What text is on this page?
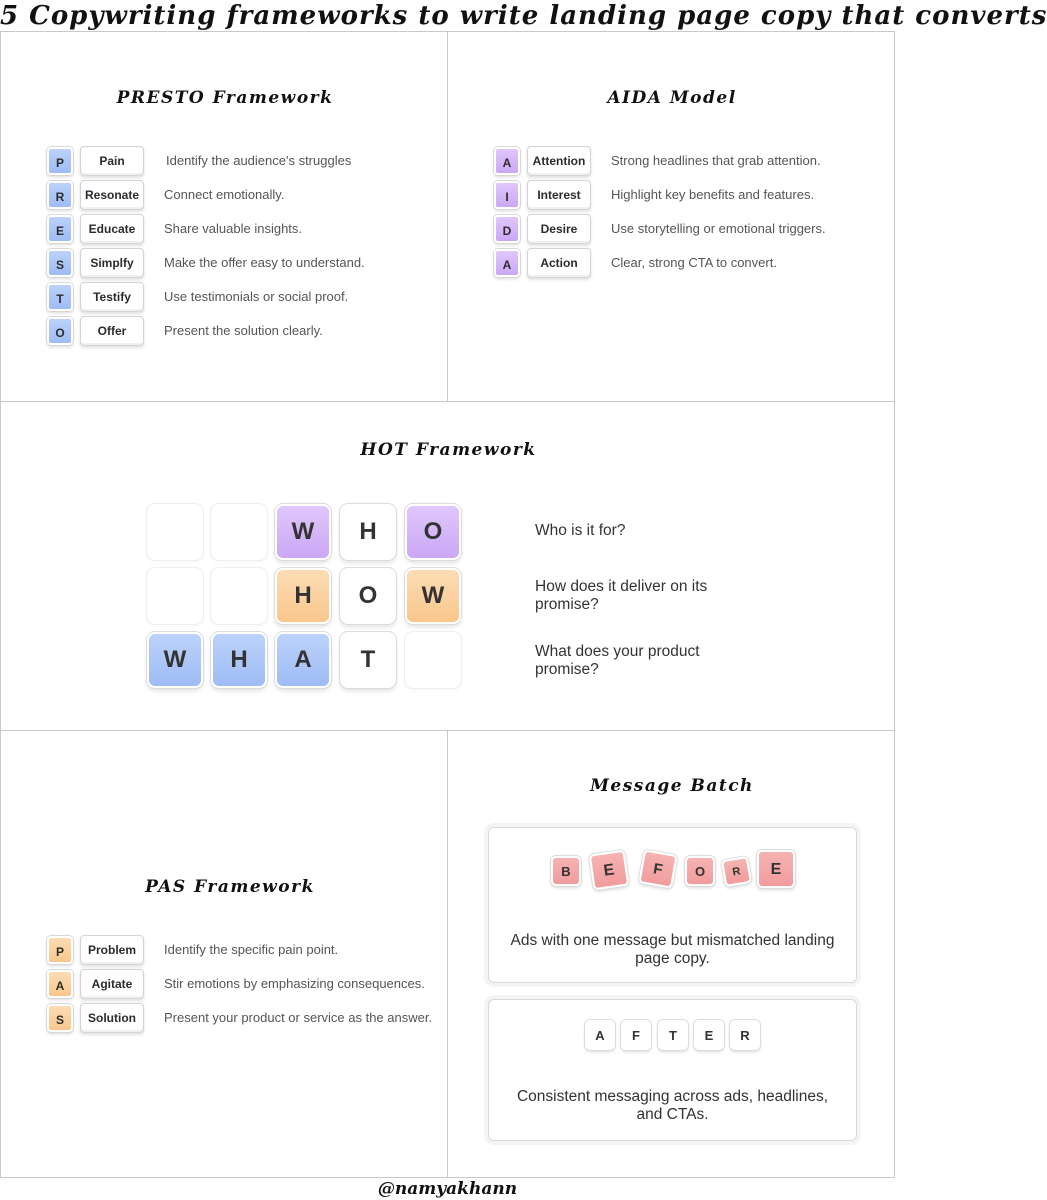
5 Copywriting frameworks to write landing page copy that converts
PRESTO Framework
P	Pain	Identify the audience's struggles
R	Resonate	Connect emotionally.
E	Educate	Share valuable insights.
S	Simplfy	Make the offer easy to understand.
T	Testify	Use testimonials or social proof.
O	Offer	Present the solution clearly.
AIDA Model
A	Attention	Strong headlines that grab attention.
I	Interest	Highlight key benefits and features.
D	Desire	Use storytelling or emotional triggers.
A	Action	Clear, strong CTA to convert.
HOT Framework
W	H	O
H	O	W
W	H	A	T
Who is it for?
How does it deliver on its promise?
What does your product promise?
PAS Framework
P	Problem	Identify the specific pain point.
A	Agitate	Stir emotions by emphasizing consequences.
S	Solution	Present your product or service as the answer.
Message Batch
B	E	F	O	R	E
Ads with one message but mismatched landing page copy.
A	F	T	E	R
Consistent messaging across ads, headlines, and CTAs.
@namyakhann
